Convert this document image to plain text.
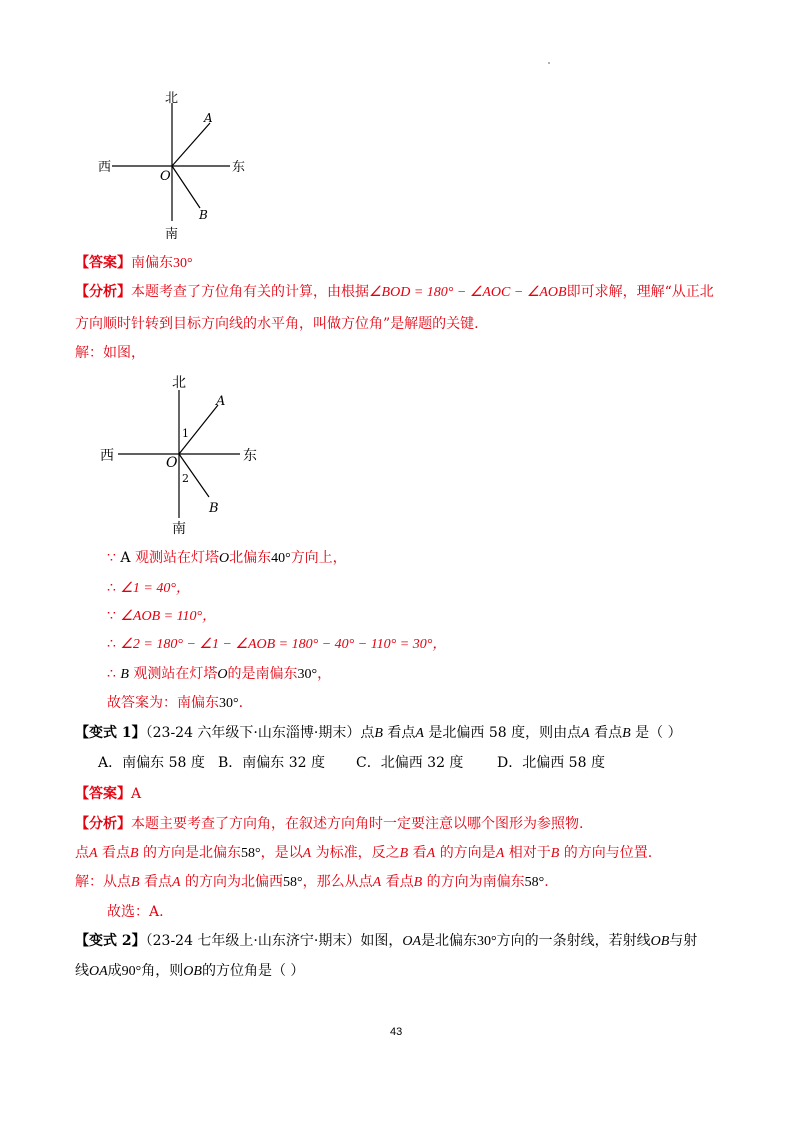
北
南
西	东
O
A
B
【答案】南偏东30°
【分析】本题考查了方位角有关的计算，由根据∠BOD = 180° − ∠AOC − ∠AOB即可求解，理解“从正北
方向顺时针转到目标方向线的水平角，叫做方位角”是解题的关键.
解：如图，
北
南
西	东
O
A
B
1
2
∵ A 观测站在灯塔O北偏东40°方向上，
∴ ∠1 = 40°，
∵ ∠AOB = 110°，
∴ ∠2 = 180° − ∠1 − ∠AOB = 180° − 40° − 110° = 30°，
∴ B 观测站在灯塔O的是南偏东30°，
故答案为：南偏东30°.
【变式 1】（23-24 六年级下·山东淄博·期末）点B 看点A 是北偏西 58 度，则由点A 看点B 是（ ）
A．南偏东 58 度 B．南偏东 32 度 C．北偏西 32 度 D．北偏西 58 度
【答案】A
【分析】本题主要考查了方向角，在叙述方向角时一定要注意以哪个图形为参照物.
点A 看点B 的方向是北偏东58°，是以A 为标准，反之B 看A 的方向是A 相对于B 的方向与位置.
解：从点B 看点A 的方向为北偏西58°，那么从点A 看点B 的方向为南偏东58°.
故选：A.
【变式 2】（23-24 七年级上·山东济宁·期末）如图，OA是北偏东30°方向的一条射线，若射线OB与射
线OA成90°角，则OB的方位角是（ ）
43
